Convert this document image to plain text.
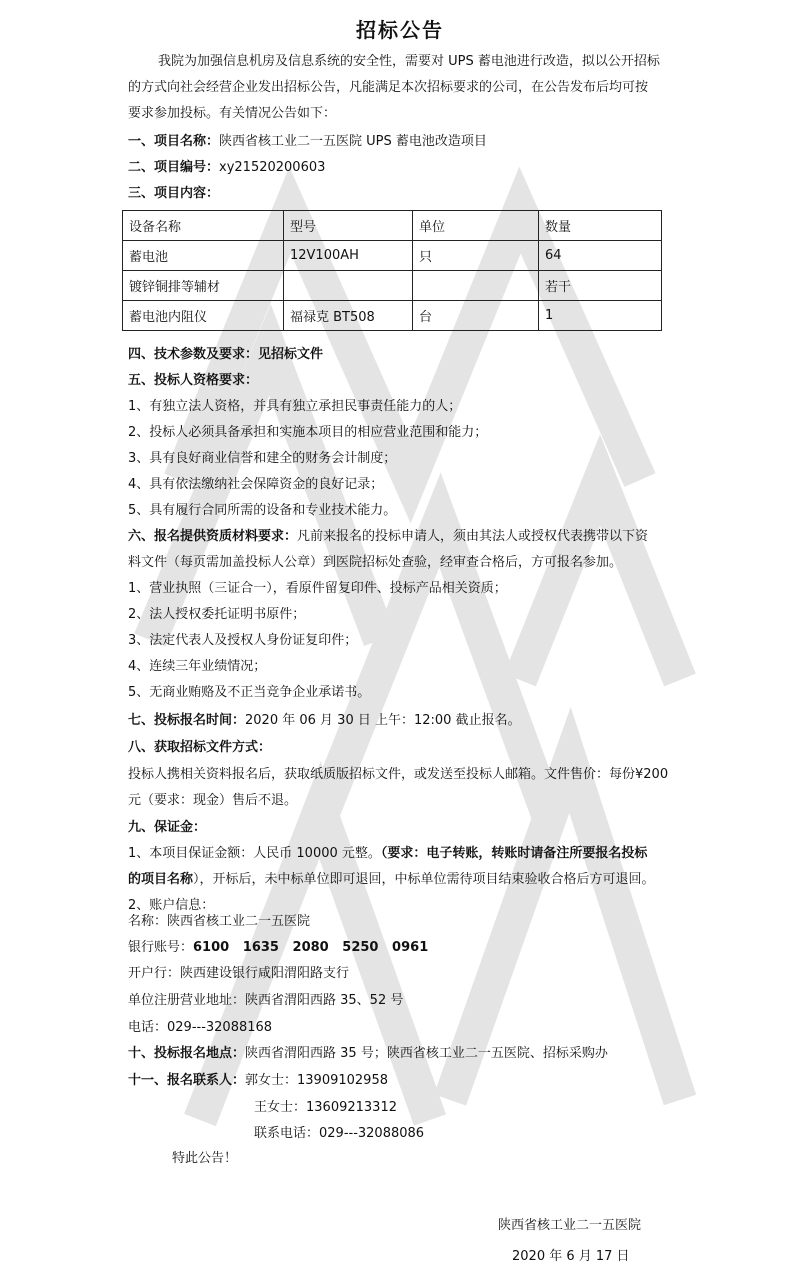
招标公告
我院为加强信息机房及信息系统的安全性，需要对 UPS 蓄电池进行改造，拟以公开招标
的方式向社会经营企业发出招标公告，凡能满足本次招标要求的公司，在公告发布后均可按
要求参加投标。有关情况公告如下：
一、项目名称：陕西省核工业二一五医院 UPS 蓄电池改造项目
二、项目编号：xy21520200603
三、项目内容：
设备名称	型号	单位	数量
蓄电池	12V100AH	只	64
镀锌铜排等辅材			若干
蓄电池内阻仪	福禄克 BT508	台	1
四、技术参数及要求：见招标文件
五、投标人资格要求：
1、有独立法人资格，并具有独立承担民事责任能力的人；
2、投标人必须具备承担和实施本项目的相应营业范围和能力；
3、具有良好商业信誉和建全的财务会计制度；
4、具有依法缴纳社会保障资金的良好记录；
5、具有履行合同所需的设备和专业技术能力。
六、报名提供资质材料要求：凡前来报名的投标申请人，须由其法人或授权代表携带以下资
料文件（每页需加盖投标人公章）到医院招标处查验，经审查合格后，方可报名参加。
1、营业执照（三证合一），看原件留复印件、投标产品相关资质；
2、法人授权委托证明书原件；
3、法定代表人及授权人身份证复印件；
4、连续三年业绩情况；
5、无商业贿赂及不正当竞争企业承诺书。
七、投标报名时间：2020 年 06 月 30 日 上午：12:00 截止报名。
八、获取招标文件方式：
投标人携相关资料报名后，获取纸质版招标文件，或发送至投标人邮箱。文件售价：每份¥200
元（要求：现金）售后不退。
九、保证金：
1、本项目保证金额：人民币 10000 元整。（要求：电子转账，转账时请备注所要报名投标
的项目名称），开标后，未中标单位即可退回，中标单位需待项目结束验收合格后方可退回。
2、账户信息：
名称：陕西省核工业二一五医院
银行账号：6100   1635   2080   5250   0961
开户行：陕西建设银行咸阳渭阳路支行
单位注册营业地址：陕西省渭阳西路 35、52 号
电话：029---32088168
十、投标报名地点：陕西省渭阳西路 35 号；陕西省核工业二一五医院、招标采购办
十一、报名联系人：郭女士：13909102958
王女士：13609213312
联系电话：029---32088086
特此公告！
陕西省核工业二一五医院
2020 年 6 月 17 日
